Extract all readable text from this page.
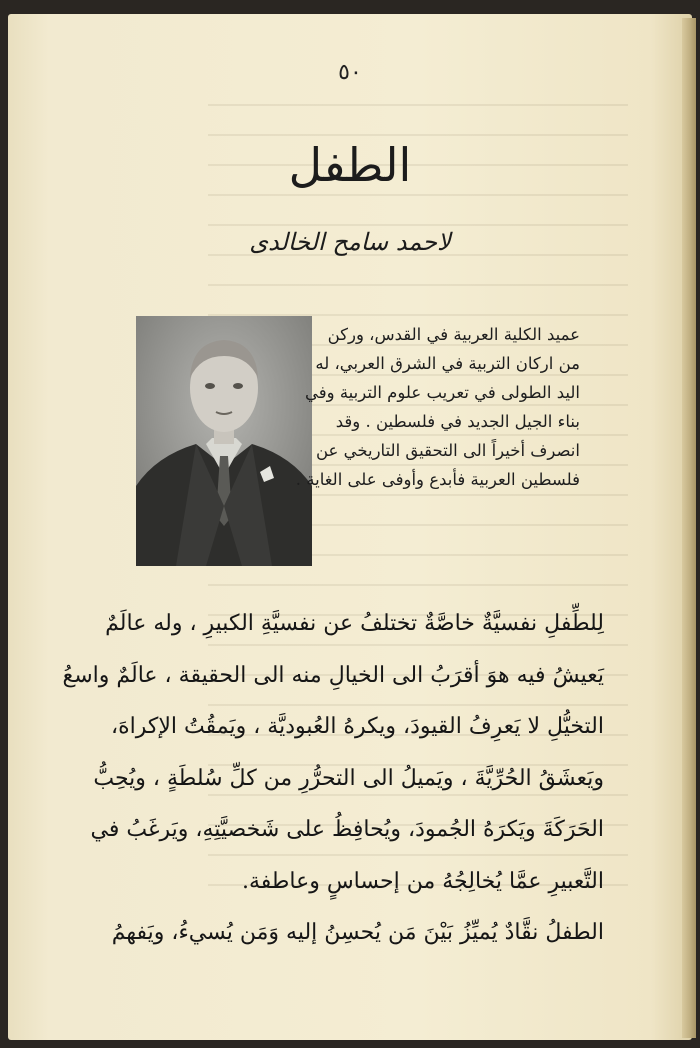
٥٠
الطفل
لاحمد سامح الخالدى
عميد الكلية العربية في القدس، وركن
من اركان التربية في الشرق العربي، له
اليد الطولى في تعريب علوم التربية وفي
بناء الجيل الجديد في فلسطين . وقد
انصرف أخيراً الى التحقيق التاريخي عن
فلسطين العربية فأبدع وأوفى على الغاية .
لِلطِّفلِ نفسيَّةٌ خاصَّةٌ تختلفُ عن نفسيَّةِ الكبيرِ ، وله عالَمٌ
يَعيشُ فيه هوَ أقرَبُ الى الخيالِ منه الى الحقيقة ، عالَمٌ واسعُ
التخيُّلِ لا يَعرِفُ القيودَ، ويكرهُ العُبوديَّة ، ويَمقُتُ الإكراهَ،
ويَعشَقُ الحُرِّيَّةَ ، ويَميلُ الى التحرُّرِ من كلِّ سُلطَةٍ ، ويُحِبُّ
الحَرَكَةَ ويَكرَهُ الجُمودَ، ويُحافِظُ على شَخصيَّتِهِ، ويَرغَبُ في
التَّعبيرِ عمَّا يُخالِجُهُ من إحساسٍ وعاطفة.
الطفلُ نقَّادٌ يُميِّزُ بَيْنَ مَن يُحسِنُ إليه وَمَن يُسيءُ، ويَفهمُ
